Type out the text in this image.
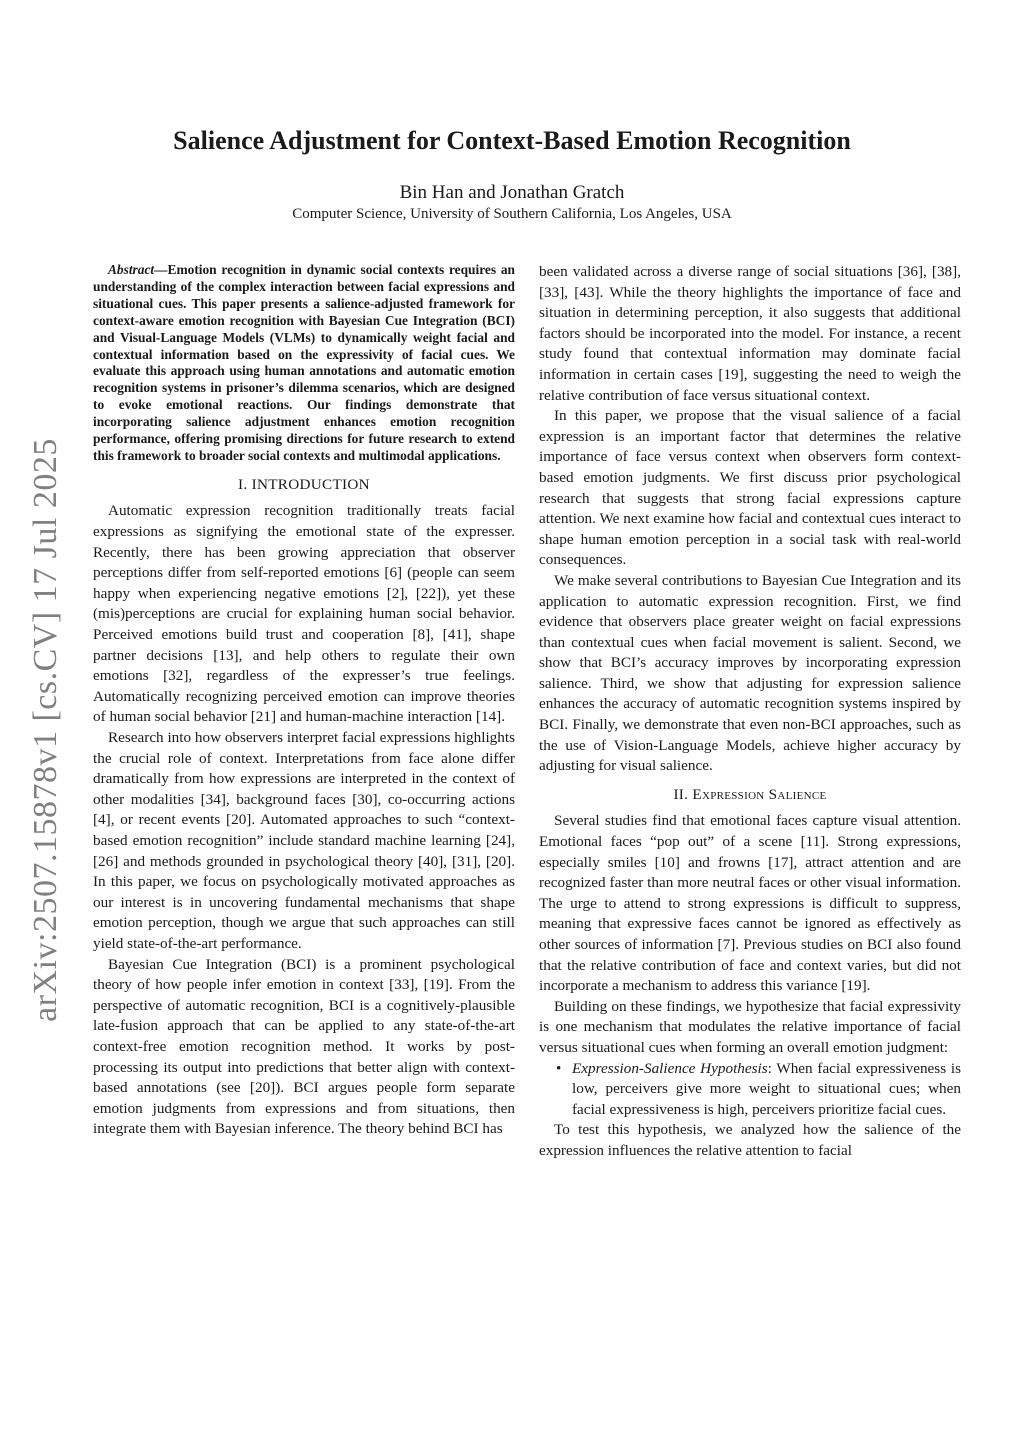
arXiv:2507.15878v1 [cs.CV] 17 Jul 2025
Salience Adjustment for Context-Based Emotion Recognition
Bin Han and Jonathan Gratch
Computer Science, University of Southern California, Los Angeles, USA

Abstract—Emotion recognition in dynamic social contexts requires an understanding of the complex interaction between facial expressions and situational cues. This paper presents a salience-adjusted framework for context-aware emotion recognition with Bayesian Cue Integration (BCI) and Visual-Language Models (VLMs) to dynamically weight facial and contextual information based on the expressivity of facial cues. We evaluate this approach using human annotations and automatic emotion recognition systems in prisoner’s dilemma scenarios, which are designed to evoke emotional reactions. Our findings demonstrate that incorporating salience adjustment enhances emotion recognition performance, offering promising directions for future research to extend this framework to broader social contexts and multimodal applications.

I. INTRODUCTION

Automatic expression recognition traditionally treats facial expressions as signifying the emotional state of the expresser. Recently, there has been growing appreciation that observer perceptions differ from self-reported emotions [6] (people can seem happy when experiencing negative emotions [2], [22]), yet these (mis)perceptions are crucial for explaining human social behavior. Perceived emotions build trust and cooperation [8], [41], shape partner decisions [13], and help others to regulate their own emotions [32], regardless of the expresser’s true feelings. Automatically recognizing perceived emotion can improve theories of human social behavior [21] and human-machine interaction [14].

Research into how observers interpret facial expressions highlights the crucial role of context. Interpretations from face alone differ dramatically from how expressions are interpreted in the context of other modalities [34], background faces [30], co-occurring actions [4], or recent events [20]. Automated approaches to such “context-based emotion recognition” include standard machine learning [24], [26] and methods grounded in psychological theory [40], [31], [20]. In this paper, we focus on psychologically motivated approaches as our interest is in uncovering fundamental mechanisms that shape emotion perception, though we argue that such approaches can still yield state-of-the-art performance.

Bayesian Cue Integration (BCI) is a prominent psychological theory of how people infer emotion in context [33], [19]. From the perspective of automatic recognition, BCI is a cognitively-plausible late-fusion approach that can be applied to any state-of-the-art context-free emotion recognition method. It works by post-processing its output into predictions that better align with context-based annotations (see [20]). BCI argues people form separate emotion judgments from expressions and from situations, then integrate them with Bayesian inference. The theory behind BCI has

been validated across a diverse range of social situations [36], [38], [33], [43]. While the theory highlights the importance of face and situation in determining perception, it also suggests that additional factors should be incorporated into the model. For instance, a recent study found that contextual information may dominate facial information in certain cases [19], suggesting the need to weigh the relative contribution of face versus situational context.

In this paper, we propose that the visual salience of a facial expression is an important factor that determines the relative importance of face versus context when observers form context-based emotion judgments. We first discuss prior psychological research that suggests that strong facial expressions capture attention. We next examine how facial and contextual cues interact to shape human emotion perception in a social task with real-world consequences.

We make several contributions to Bayesian Cue Integration and its application to automatic expression recognition. First, we find evidence that observers place greater weight on facial expressions than contextual cues when facial movement is salient. Second, we show that BCI’s accuracy improves by incorporating expression salience. Third, we show that adjusting for expression salience enhances the accuracy of automatic recognition systems inspired by BCI. Finally, we demonstrate that even non-BCI approaches, such as the use of Vision-Language Models, achieve higher accuracy by adjusting for visual salience.

II. Expression Salience

Several studies find that emotional faces capture visual attention. Emotional faces “pop out” of a scene [11]. Strong expressions, especially smiles [10] and frowns [17], attract attention and are recognized faster than more neutral faces or other visual information. The urge to attend to strong expressions is difficult to suppress, meaning that expressive faces cannot be ignored as effectively as other sources of information [7]. Previous studies on BCI also found that the relative contribution of face and context varies, but did not incorporate a mechanism to address this variance [19].

Building on these findings, we hypothesize that facial expressivity is one mechanism that modulates the relative importance of facial versus situational cues when forming an overall emotion judgment:

• Expression-Salience Hypothesis: When facial expressiveness is low, perceivers give more weight to situational cues; when facial expressiveness is high, perceivers prioritize facial cues.

To test this hypothesis, we analyzed how the salience of the expression influences the relative attention to facial
